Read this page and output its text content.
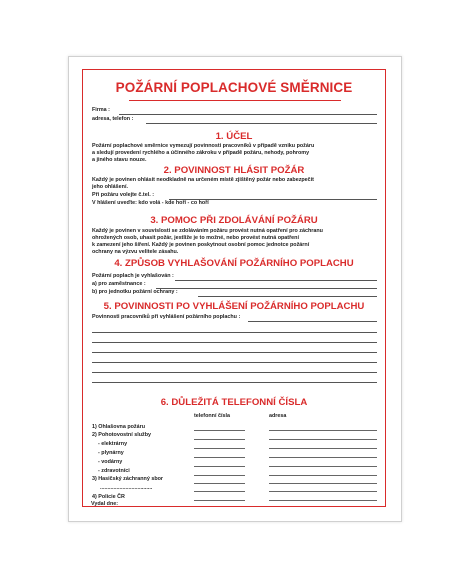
POŽÁRNÍ POPLACHOVÉ SMĚRNICE
Firma :
adresa, telefon :
1. ÚČEL
Požární poplachové směrnice vymezují povinnosti pracovníků v případě vzniku požáru
a sledují provedení rychlého a účinného zákroku v případě požáru, nehody, pohromy
a jiného stavu nouze.
2. POVINNOST HLÁSIT POŽÁR
Každý je povinen ohlásit neodkladně na určeném místě zjištěný požár nebo zabezpečit
jeho ohlášení.
Při požáru volejte č.tel. :
V hlášení uveďte: kdo volá - kde hoří - co hoří
3. POMOC PŘI ZDOLÁVÁNÍ POŽÁRU
Každý je povinen v souvislosti se zdoláváním požáru provést nutná opatření pro záchranu
ohrožených osob, uhasit požár, jestliže je to možné, nebo provést nutná opatření
k zamezení jeho šíření. Každý je povinen poskytnout osobní pomoc jednotce požární
ochrany na výzvu velitele zásahu.
4. ZPŮSOB VYHLAŠOVÁNÍ POŽÁRNÍHO POPLACHU
Požární poplach je vyhlašován :
a) pro zaměstnance :
b) pro jednotku požární ochrany :
5. POVINNOSTI PO VYHLÁŠENÍ POŽÁRNÍHO POPLACHU
Povinnosti pracovníků při vyhlášení požárního poplachu :
6. DŮLEŽITÁ TELEFONNÍ ČÍSLA
telefonní čísla	adresa
1) Ohlašovna požáru
2) Pohotovostní služby
- elektrárny
- plynárny
- vodárny
- zdravotníci
3) Hasičský záchranný sbor
...................................
4) Policie ČR
Vydal dne:
